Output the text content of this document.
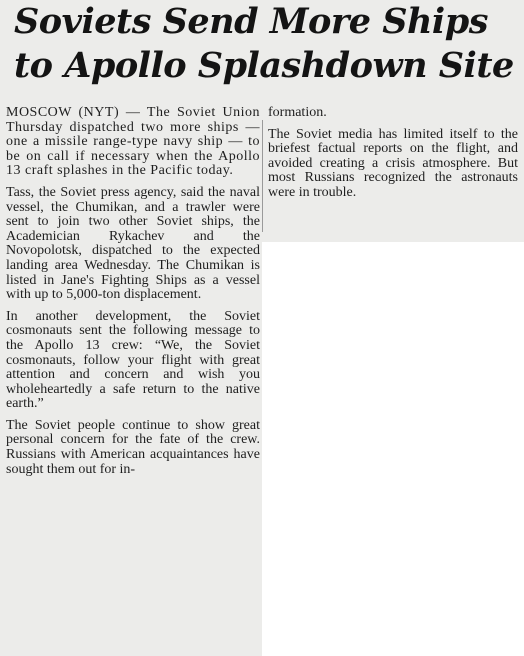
Soviets Send More Ships to Apollo Splashdown Site

MOSCOW (NYT) — The Soviet Union Thursday dispatched two more ships — one a missile range-type navy ship — to be on call if necessary when the Apollo 13 craft splashes in the Pacific today.

Tass, the Soviet press agency, said the naval vessel, the Chumikan, and a trawler were sent to join two other Soviet ships, the Academician Rykachev and the Novopolotsk, dispatched to the expected landing area Wednesday. The Chumikan is listed in Jane's Fighting Ships as a vessel with up to 5,000-ton displacement.

In another development, the Soviet cosmonauts sent the following message to the Apollo 13 crew: “We, the Soviet cosmonauts, follow your flight with great attention and concern and wish you wholeheartedly a safe return to the native earth.”

The Soviet people continue to show great personal concern for the fate of the crew. Russians with American acquaintances have sought them out for in-

formation.

The Soviet media has limited itself to the briefest factual reports on the flight, and avoided creating a crisis atmosphere. But most Russians recognized the astronauts were in trouble.
